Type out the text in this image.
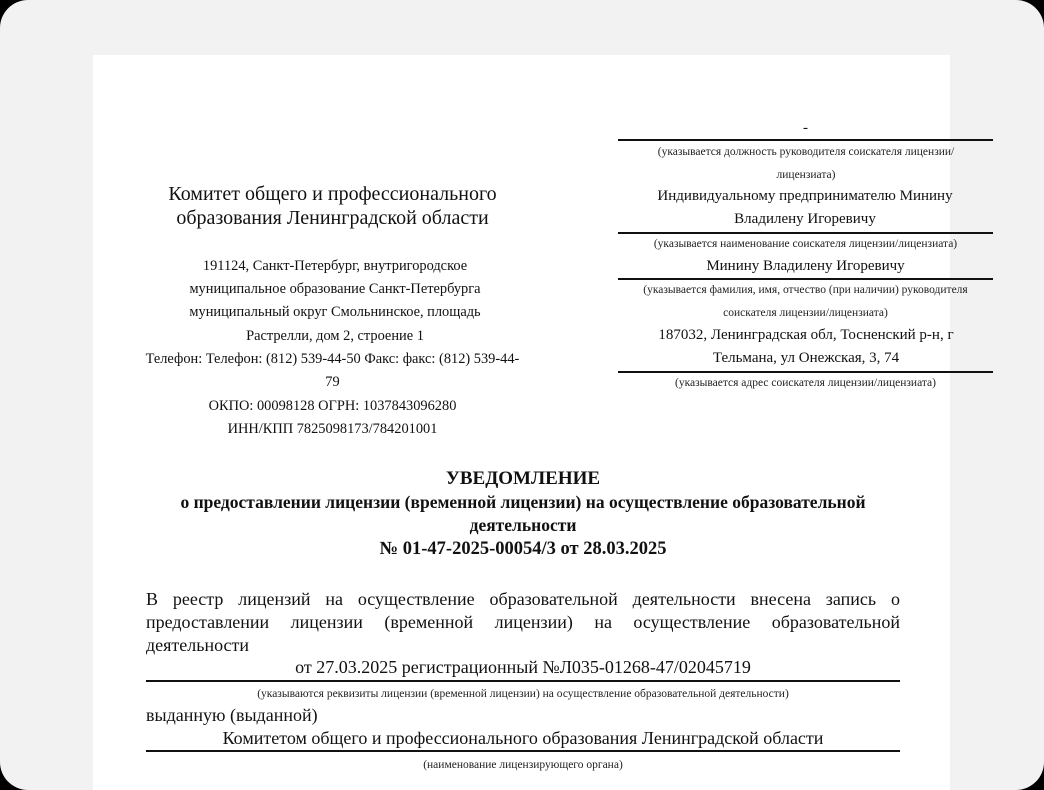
-
(указывается должность руководителя соискателя лицензии/лицензиата)
Индивидуальному предпринимателю Минину Владилену Игоревичу
(указывается наименование соискателя лицензии/лицензиата)
Минину Владилену Игоревичу
(указывается фамилия, имя, отчество (при наличии) руководителя соискателя лицензии/лицензиата)
187032, Ленинградская обл, Тосненский р-н, г Тельмана, ул Онежская, 3, 74
(указывается адрес соискателя лицензии/лицензиата)
Комитет общего и профессионального образования Ленинградской области
191124, Санкт-Петербург, внутригородское муниципальное образование Санкт-Петербурга муниципальный округ Смольнинское, площадь Растрелли, дом 2, строение 1
Телефон: Телефон: (812) 539-44-50 Факс: факс: (812) 539-44-79
ОКПО: 00098128 ОГРН: 1037843096280
ИНН/КПП 7825098173/784201001
УВЕДОМЛЕНИЕ
о предоставлении лицензии (временной лицензии) на осуществление образовательной деятельности
№ 01-47-2025-00054/3 от 28.03.2025
В реестр лицензий на осуществление образовательной деятельности внесена запись о предоставлении лицензии (временной лицензии) на осуществление образовательной деятельности
от 27.03.2025 регистрационный №Л035-01268-47/02045719
(указываются реквизиты лицензии (временной лицензии) на осуществление образовательной деятельности)
выданную (выданной)
Комитетом общего и профессионального образования Ленинградской области
(наименование лицензирующего органа)
